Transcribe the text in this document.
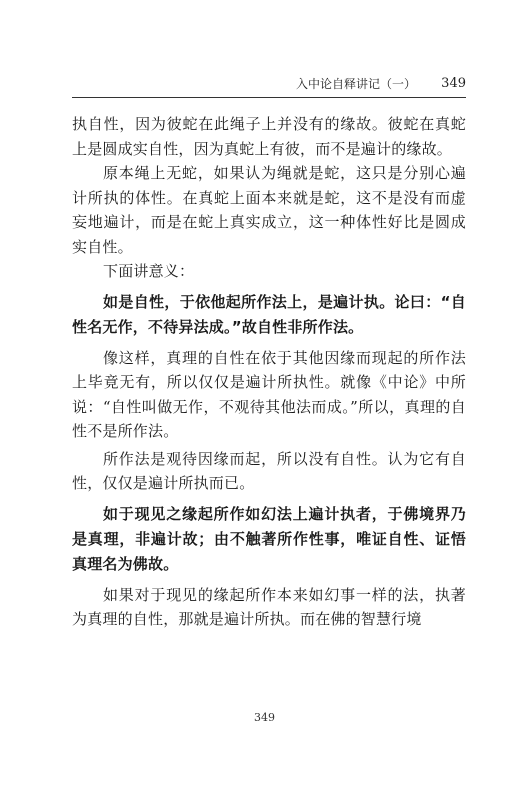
入中论自释讲记（一） 349

执自性，因为彼蛇在此绳子上并没有的缘故。彼蛇在真蛇上是圆成实自性，因为真蛇上有彼，而不是遍计的缘故。

原本绳上无蛇，如果认为绳就是蛇，这只是分别心遍计所执的体性。在真蛇上面本来就是蛇，这不是没有而虚妄地遍计，而是在蛇上真实成立，这一种体性好比是圆成实自性。

下面讲意义：

如是自性，于依他起所作法上，是遍计执。论曰：“自性名无作，不待异法成。”故自性非所作法。

像这样，真理的自性在依于其他因缘而现起的所作法上毕竟无有，所以仅仅是遍计所执性。就像《中论》中所说：“自性叫做无作，不观待其他法而成。”所以，真理的自性不是所作法。

所作法是观待因缘而起，所以没有自性。认为它有自性，仅仅是遍计所执而已。

如于现见之缘起所作如幻法上遍计执者，于佛境界乃是真理，非遍计故；由不触著所作性事，唯证自性、证悟真理名为佛故。

如果对于现见的缘起所作本来如幻事一样的法，执著为真理的自性，那就是遍计所执。而在佛的智慧行境

349
